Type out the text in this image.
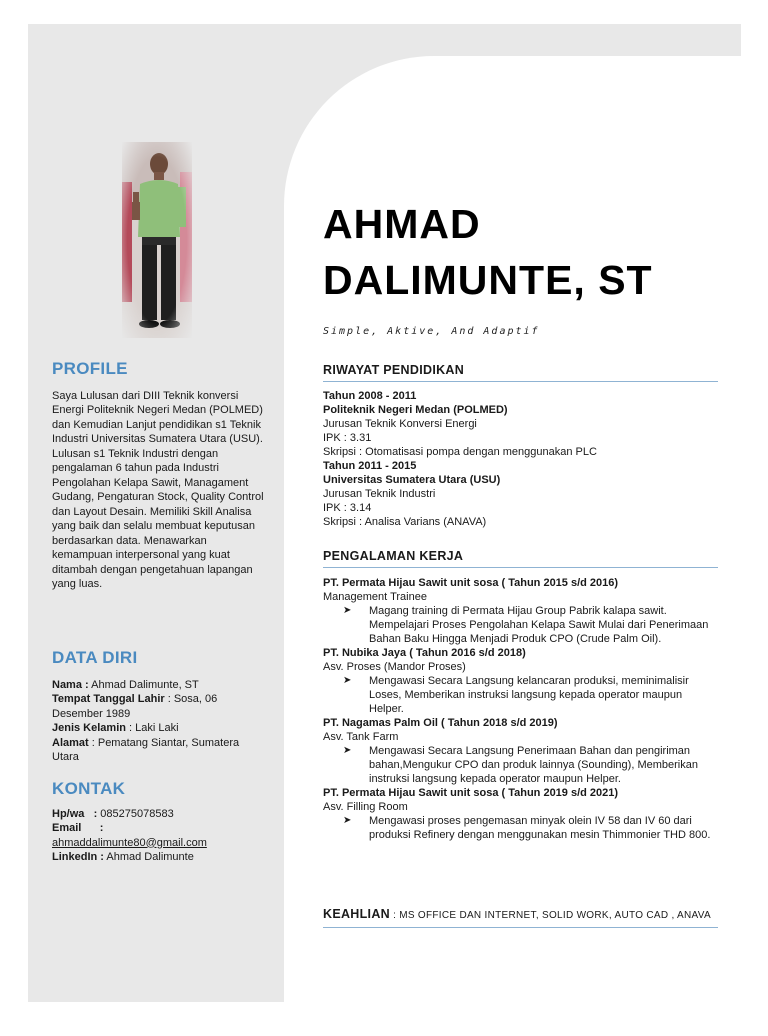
PROFILE

Saya Lulusan dari DIII Teknik konversi Energi Politeknik Negeri Medan (POLMED) dan Kemudian Lanjut pendidikan s1 Teknik Industri Universitas Sumatera Utara (USU). Lulusan s1 Teknik Industri dengan pengalaman 6 tahun pada Industri Pengolahan Kelapa Sawit, Managament Gudang, Pengaturan Stock, Quality Control dan Layout Desain. Memiliki Skill Analisa yang baik dan selalu membuat keputusan berdasarkan data. Menawarkan kemampuan interpersonal yang kuat ditambah dengan pengetahuan lapangan yang luas.

DATA DIRI

Nama : Ahmad Dalimunte, ST

Tempat Tanggal Lahir : Sosa, 06 Desember 1989

Jenis Kelamin : Laki Laki

Alamat : Pematang Siantar, Sumatera Utara

KONTAK

Hp/wa   : 085275078583

Email      :

ahmaddalimunte80@gmail.com

LinkedIn : Ahmad Dalimunte

AHMAD
DALIMUNTE, ST
Simple, Aktive, And Adaptif
RIWAYAT PENDIDIKAN
Tahun 2008 - 2011
Politeknik Negeri Medan (POLMED)
Jurusan Teknik Konversi Energi
IPK : 3.31
Skripsi : Otomatisasi pompa dengan menggunakan PLC
Tahun 2011 - 2015
Universitas Sumatera Utara (USU)
Jurusan Teknik Industri
IPK : 3.14
Skripsi : Analisa Varians (ANAVA)
PENGALAMAN KERJA
PT. Permata Hijau Sawit unit sosa ( Tahun 2015 s/d 2016)
Management Trainee
➤ Magang training di Permata Hijau Group Pabrik kalapa sawit.
Mempelajari Proses Pengolahan Kelapa Sawit Mulai dari Penerimaan Bahan Baku Hingga Menjadi Produk CPO (Crude Palm Oil).
PT. Nubika Jaya ( Tahun 2016 s/d 2018)
Asv. Proses (Mandor Proses)
➤ Mengawasi Secara Langsung kelancaran produksi, meminimalisir Loses, Memberikan instruksi langsung kepada operator maupun Helper.
PT. Nagamas Palm Oil ( Tahun 2018 s/d 2019)
Asv. Tank Farm
➤ Mengawasi Secara Langsung Penerimaan Bahan dan pengiriman bahan,Mengukur CPO dan produk lainnya (Sounding), Memberikan instruksi langsung kepada operator maupun Helper.
PT. Permata Hijau Sawit unit sosa ( Tahun 2019 s/d 2021)
Asv. Filling Room
➤ Mengawasi proses pengemasan minyak olein IV 58 dan IV 60 dari produksi Refinery dengan menggunakan mesin Thimmonier THD 800.
KEAHLIAN : MS OFFICE DAN INTERNET, SOLID WORK, AUTO CAD , ANAVA
